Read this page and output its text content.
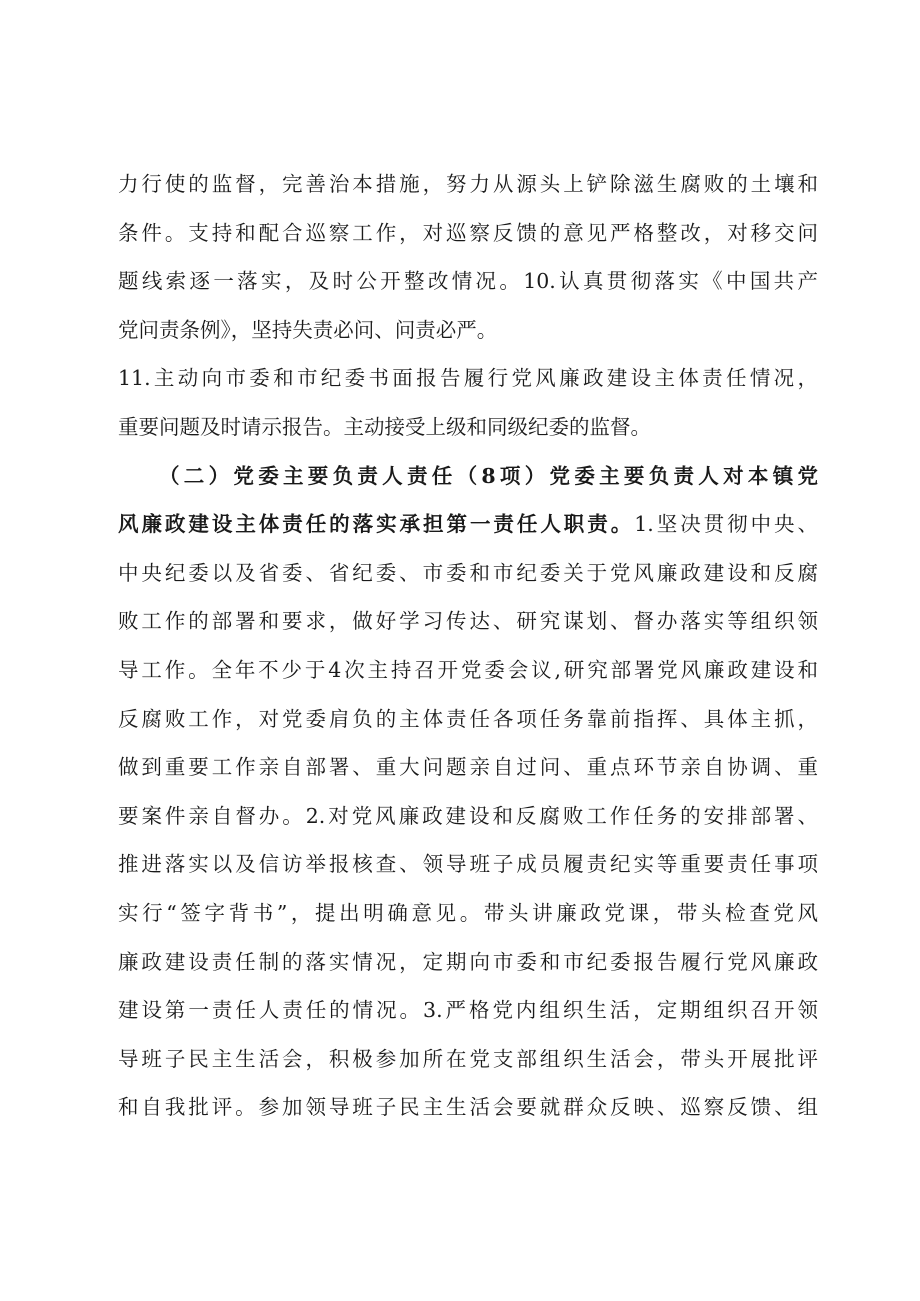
力行使的监督，完善治本措施，努力从源头上铲除滋生腐败的土壤和
条件。支持和配合巡察工作，对巡察反馈的意见严格整改，对移交问
题线索逐一落实，及时公开整改情况。10.认真贯彻落实《中国共产
党问责条例》，坚持失责必问、问责必严。
11.主动向市委和市纪委书面报告履行党风廉政建设主体责任情况，
重要问题及时请示报告。主动接受上级和同级纪委的监督。
（二）党委主要负责人责任（8项）党委主要负责人对本镇党
风廉政建设主体责任的落实承担第一责任人职责。1.坚决贯彻中央、
中央纪委以及省委、省纪委、市委和市纪委关于党风廉政建设和反腐
败工作的部署和要求，做好学习传达、研究谋划、督办落实等组织领
导工作。全年不少于4次主持召开党委会议,研究部署党风廉政建设和
反腐败工作，对党委肩负的主体责任各项任务靠前指挥、具体主抓，
做到重要工作亲自部署、重大问题亲自过问、重点环节亲自协调、重
要案件亲自督办。2.对党风廉政建设和反腐败工作任务的安排部署、
推进落实以及信访举报核查、领导班子成员履责纪实等重要责任事项
实行“签字背书”，提出明确意见。带头讲廉政党课，带头检查党风
廉政建设责任制的落实情况，定期向市委和市纪委报告履行党风廉政
建设第一责任人责任的情况。3.严格党内组织生活，定期组织召开领
导班子民主生活会，积极参加所在党支部组织生活会，带头开展批评
和自我批评。参加领导班子民主生活会要就群众反映、巡察反馈、组
